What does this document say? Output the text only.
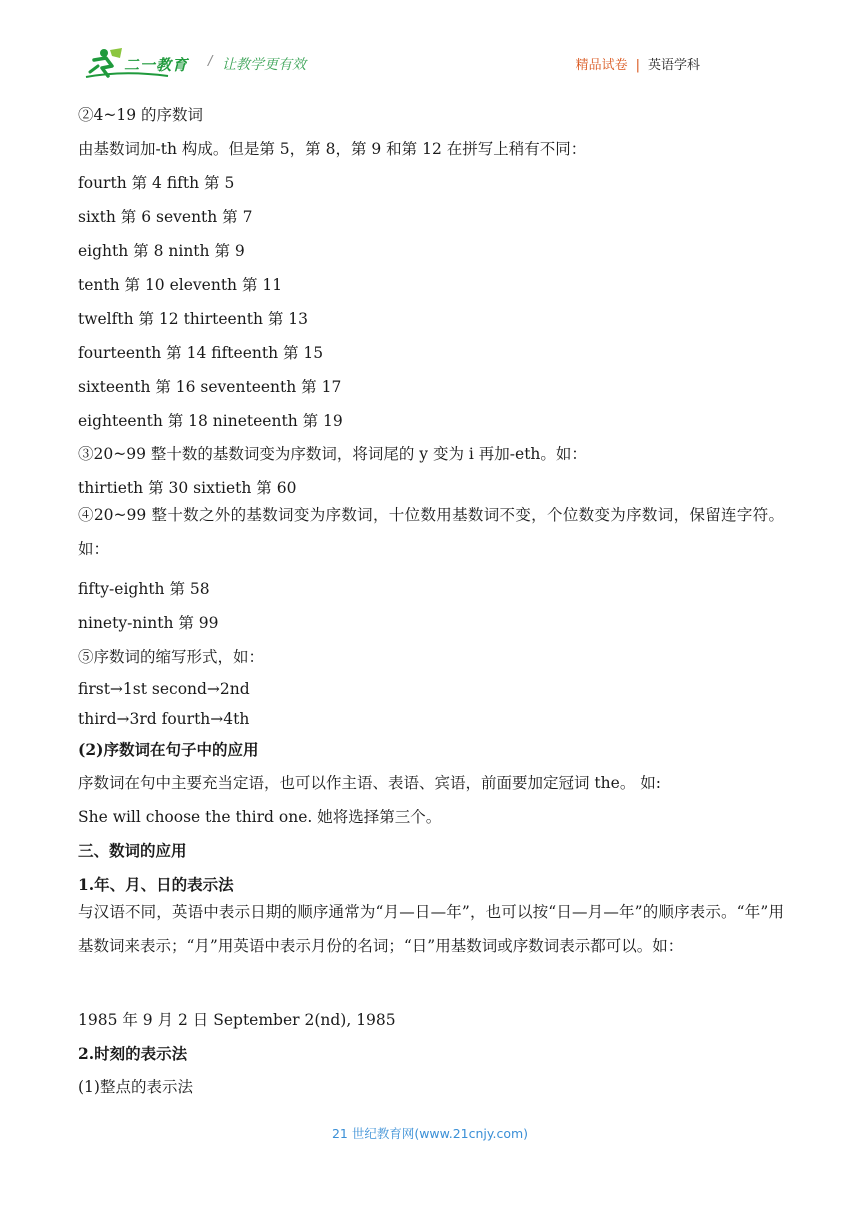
二一教育 / 让教学更有效	精品试卷 | 英语学科
②4~19 的序数词
由基数词加-th 构成。但是第 5，第 8，第 9 和第 12 在拼写上稍有不同：
fourth 第 4 fifth 第 5
sixth 第 6 seventh 第 7
eighth 第 8 ninth 第 9
tenth 第 10 eleventh 第 11
twelfth 第 12 thirteenth 第 13
fourteenth 第 14 fifteenth 第 15
sixteenth 第 16 seventeenth 第 17
eighteenth 第 18 nineteenth 第 19
③20~99 整十数的基数词变为序数词，将词尾的 y 变为 i 再加-eth。如：
thirtieth 第 30 sixtieth 第 60
④20~99 整十数之外的基数词变为序数词，十位数用基数词不变，个位数变为序数词，保留连字符。如：
fifty-eighth 第 58
ninety-ninth 第 99
⑤序数词的缩写形式，如：
first→1st second→2nd
third→3rd fourth→4th
(2)序数词在句子中的应用
序数词在句中主要充当定语，也可以作主语、表语、宾语，前面要加定冠词 the。 如:
She will choose the third one. 她将选择第三个。
三、数词的应用
1.年、月、日的表示法
与汉语不同，英语中表示日期的顺序通常为“月—日—年”，也可以按“日—月—年”的顺序表示。“年”用基数词来表示；“月”用英语中表示月份的名词；“日”用基数词或序数词表示都可以。如：
1985 年 9 月 2 日 September 2(nd), 1985
2.时刻的表示法
(1)整点的表示法
21 世纪教育网(www.21cnjy.com)
